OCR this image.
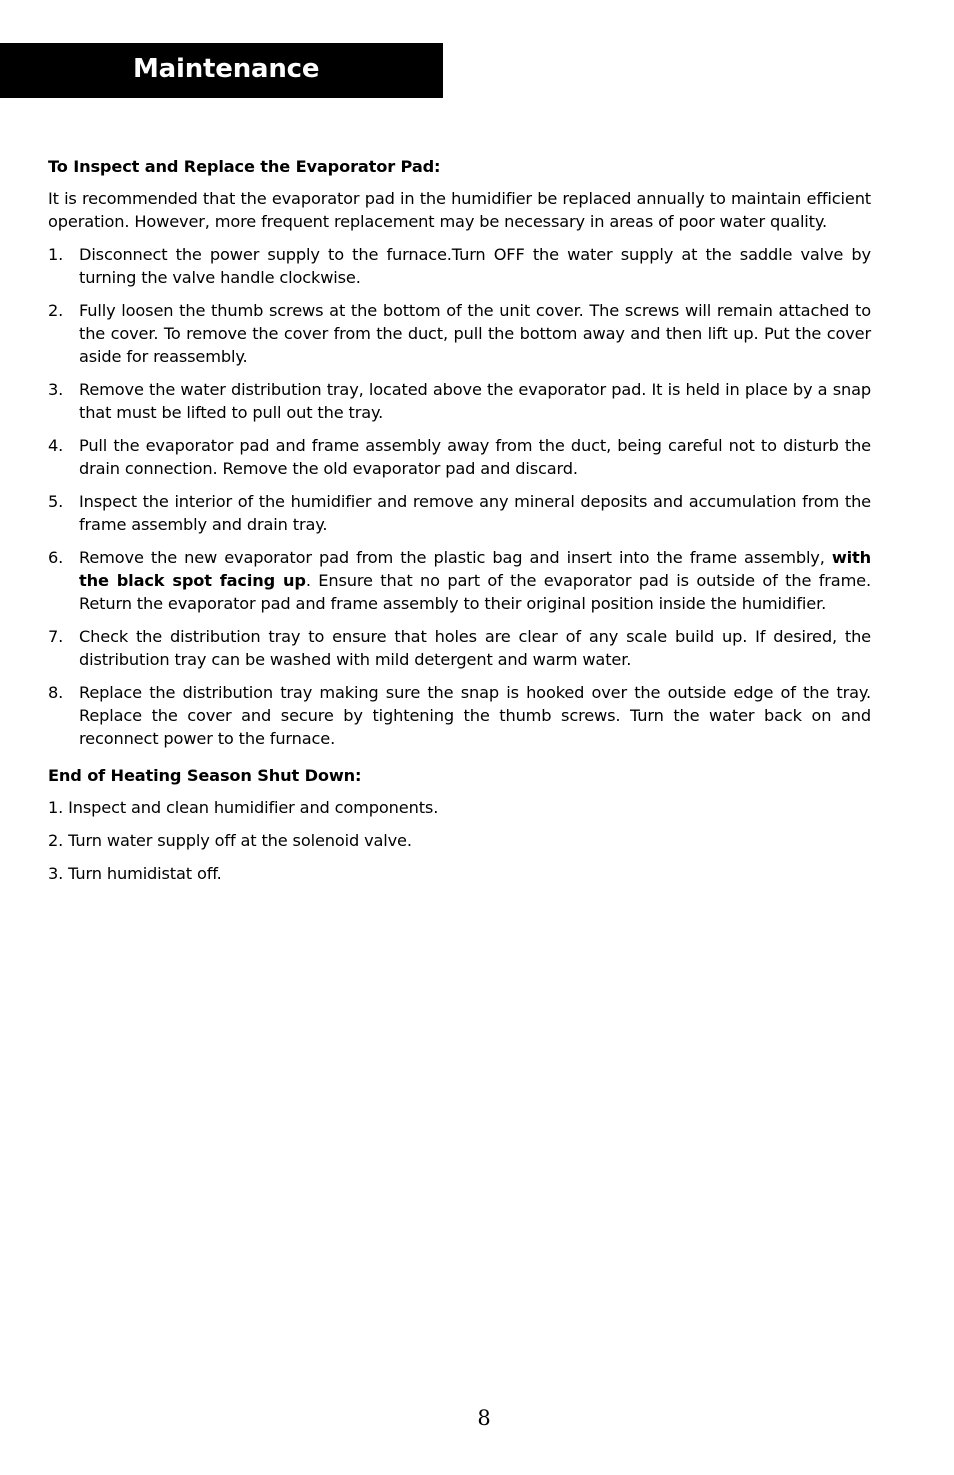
Maintenance
To Inspect and Replace the Evaporator Pad:

It is recommended that the evaporator pad in the humidifier be replaced annually to maintain efficient operation. However, more frequent replacement may be necessary in areas of poor water quality.

1. Disconnect the power supply to the furnace.Turn OFF the water supply at the saddle valve by turning the valve handle clockwise.
2. Fully loosen the thumb screws at the bottom of the unit cover. The screws will remain attached to the cover. To remove the cover from the duct, pull the bottom away and then lift up. Put the cover aside for reassembly.
3. Remove the water distribution tray, located above the evaporator pad. It is held in place by a snap that must be lifted to pull out the tray.
4. Pull the evaporator pad and frame assembly away from the duct, being careful not to disturb the drain connection. Remove the old evaporator pad and discard.
5. Inspect the interior of the humidifier and remove any mineral deposits and accumulation from the frame assembly and drain tray.
6. Remove the new evaporator pad from the plastic bag and insert into the frame assembly, with the black spot facing up. Ensure that no part of the evaporator pad is outside of the frame. Return the evaporator pad and frame assembly to their original position inside the humidifier.
7. Check the distribution tray to ensure that holes are clear of any scale build up. If desired, the distribution tray can be washed with mild detergent and warm water.
8. Replace the distribution tray making sure the snap is hooked over the outside edge of the tray. Replace the cover and secure by tightening the thumb screws. Turn the water back on and reconnect power to the furnace.
End of Heating Season Shut Down:
1. Inspect and clean humidifier and components.
2. Turn water supply off at the solenoid valve.
3. Turn humidistat off.
8
